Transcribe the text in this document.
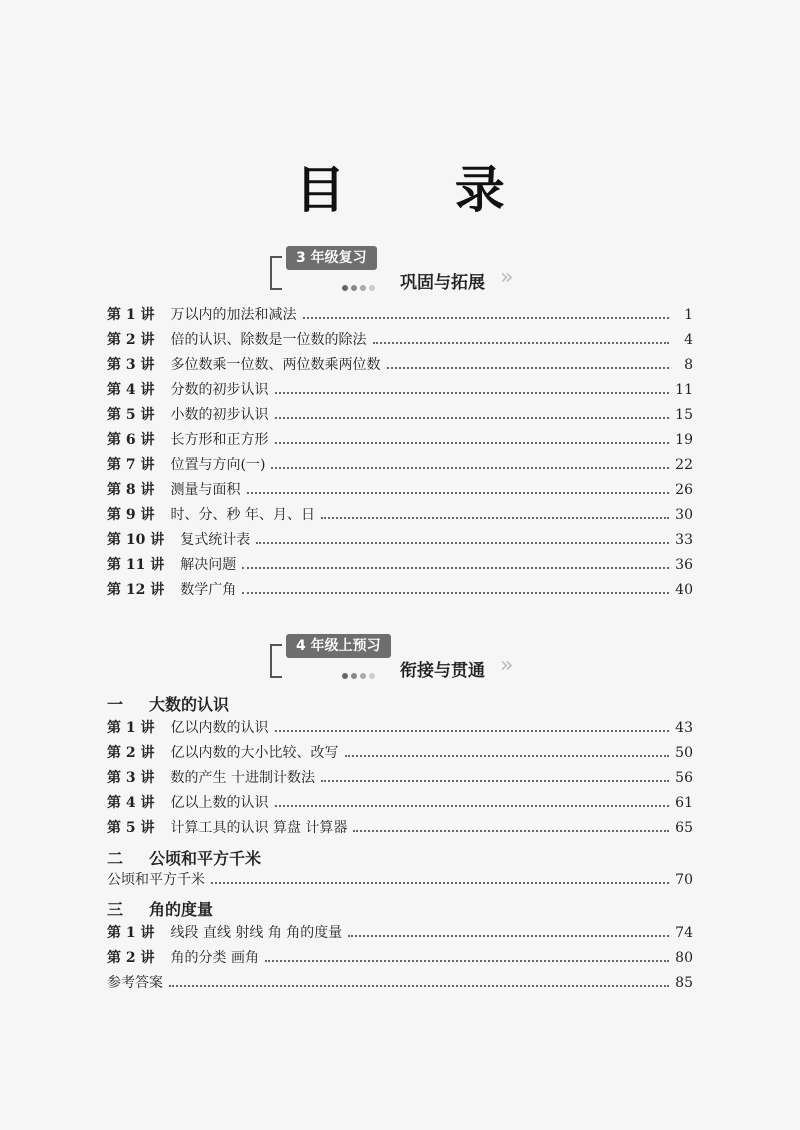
目 录
3 年级复习
巩固与拓展 ››
第 1 讲 万以内的加法和减法	1
第 2 讲 倍的认识、除数是一位数的除法	4
第 3 讲 多位数乘一位数、两位数乘两位数	8
第 4 讲 分数的初步认识	11
第 5 讲 小数的初步认识	15
第 6 讲 长方形和正方形	19
第 7 讲 位置与方向(一)	22
第 8 讲 测量与面积	26
第 9 讲 时、分、秒 年、月、日	30
第 10 讲 复式统计表	33
第 11 讲 解决问题	36
第 12 讲 数学广角	40
4 年级上预习
衔接与贯通 ››
一 大数的认识
第 1 讲 亿以内数的认识	43
第 2 讲 亿以内数的大小比较、改写	50
第 3 讲 数的产生 十进制计数法	56
第 4 讲 亿以上数的认识	61
第 5 讲 计算工具的认识 算盘 计算器	65
二 公顷和平方千米
公顷和平方千米	70
三 角的度量
第 1 讲 线段 直线 射线 角 角的度量	74
第 2 讲 角的分类 画角	80
参考答案	85
